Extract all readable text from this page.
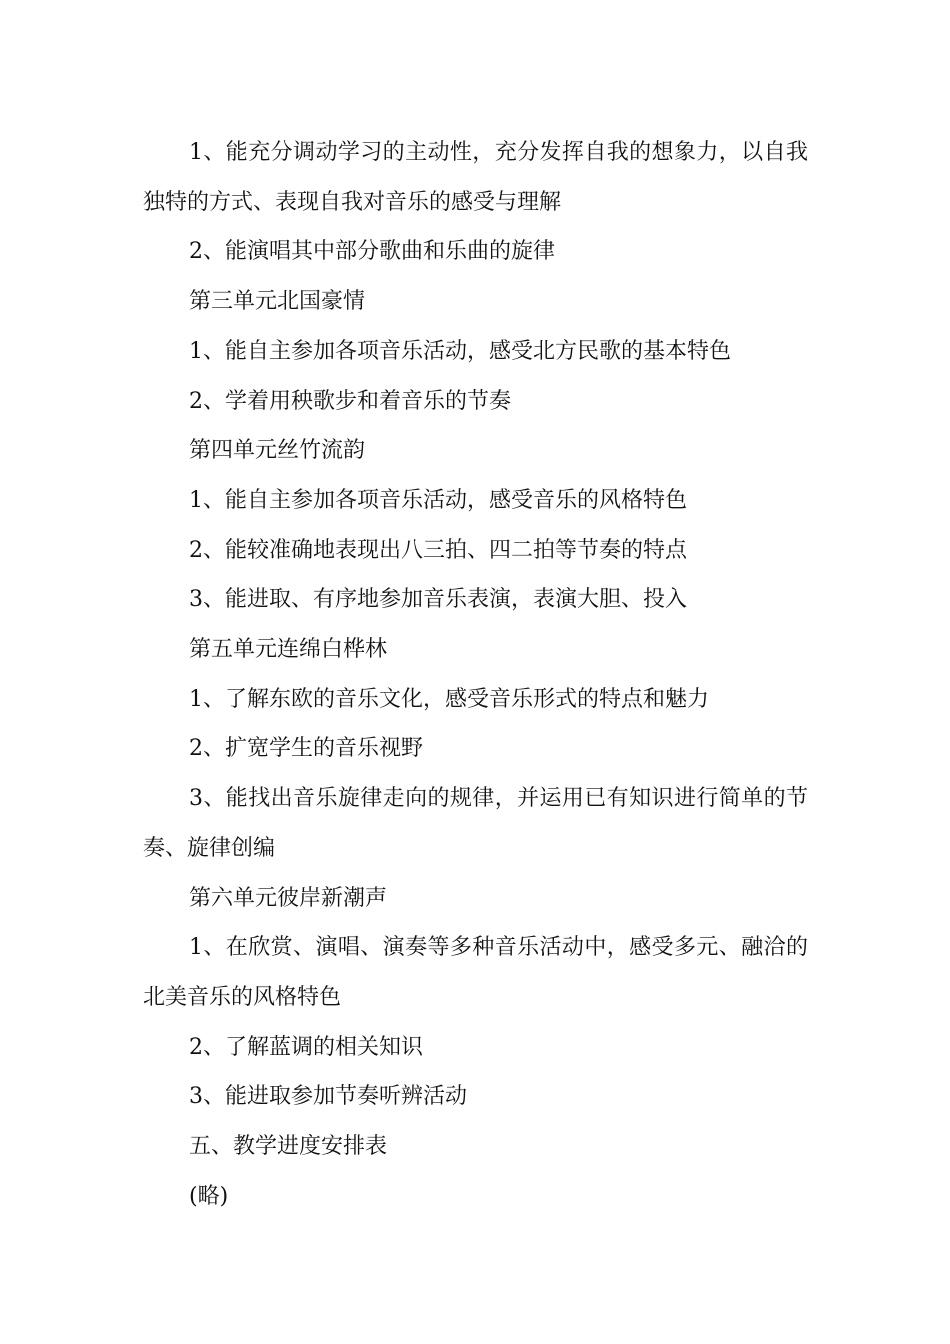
1、能充分调动学习的主动性，充分发挥自我的想象力，以自我独特的方式、表现自我对音乐的感受与理解

2、能演唱其中部分歌曲和乐曲的旋律

第三单元北国豪情

1、能自主参加各项音乐活动，感受北方民歌的基本特色

2、学着用秧歌步和着音乐的节奏

第四单元丝竹流韵

1、能自主参加各项音乐活动，感受音乐的风格特色

2、能较准确地表现出八三拍、四二拍等节奏的特点

3、能进取、有序地参加音乐表演，表演大胆、投入

第五单元连绵白桦林

1、了解东欧的音乐文化，感受音乐形式的特点和魅力

2、扩宽学生的音乐视野

3、能找出音乐旋律走向的规律，并运用已有知识进行简单的节奏、旋律创编

第六单元彼岸新潮声

1、在欣赏、演唱、演奏等多种音乐活动中，感受多元、融洽的北美音乐的风格特色

2、了解蓝调的相关知识

3、能进取参加节奏听辨活动

五、教学进度安排表

(略)
